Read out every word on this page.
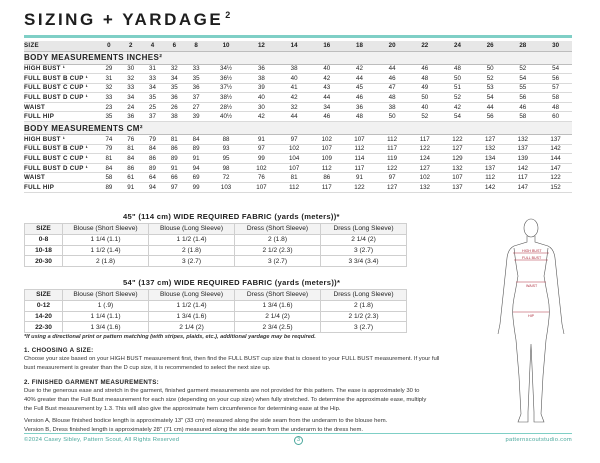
SIZING + YARDAGE $^2$
SIZE	0	2	4	6	8	10	12	14	16	18	20	22	24	26	28	30
BODY MEASUREMENTS INCHES²																
HIGH BUST ¹	29	30	31	32	33	34½	36	38	40	42	44	46	48	50	52	54
FULL BUST B CUP ¹	31	32	33	34	35	36½	38	40	42	44	46	48	50	52	54	56
FULL BUST C CUP ¹	32	33	34	35	36	37½	39	41	43	45	47	49	51	53	55	57
FULL BUST D CUP ¹	33	34	35	36	37	38½	40	42	44	46	48	50	52	54	56	58
WAIST	23	24	25	26	27	28½	30	32	34	36	38	40	42	44	46	48
FULL HIP	35	36	37	38	39	40½	42	44	46	48	50	52	54	56	58	60
BODY MEASUREMENTS CM²																
HIGH BUST ¹	74	76	79	81	84	88	91	97	102	107	112	117	122	127	132	137
FULL BUST B CUP ¹	79	81	84	86	89	93	97	102	107	112	117	122	127	132	137	142
FULL BUST C CUP ¹	81	84	86	89	91	95	99	104	109	114	119	124	129	134	139	144
FULL BUST D CUP ¹	84	86	89	91	94	98	102	107	112	117	122	127	132	137	142	147
WAIST	58	61	64	66	69	72	76	81	86	91	97	102	107	112	117	122
FULL HIP	89	91	94	97	99	103	107	112	117	122	127	132	137	142	147	152
45" (114 cm) WIDE REQUIRED FABRIC (yards (meters))*
SIZE	Blouse (Short Sleeve)	Blouse (Long Sleeve)	Dress (Short Sleeve)	Dress (Long Sleeve)
0-8	1 1/4 (1.1)	1 1/2 (1.4)	2 (1.8)	2 1/4 (2)
10-18	1 1/2 (1.4)	2 (1.8)	2 1/2 (2.3)	3 (2.7)
20-30	2 (1.8)	3 (2.7)	3 (2.7)	3 3/4 (3.4)
54" (137 cm) WIDE REQUIRED FABRIC (yards (meters))*
SIZE	Blouse (Short Sleeve)	Blouse (Long Sleeve)	Dress (Short Sleeve)	Dress (Long Sleeve)
0-12	1 (.9)	1 1/2 (1.4)	1 3/4 (1.6)	2 (1.8)
14-20	1 1/4 (1.1)	1 3/4 (1.6)	2 1/4 (2)	2 1/2 (2.3)
22-30	1 3/4 (1.6)	2 1/4 (2)	2 3/4 (2.5)	3 (2.7)
*If using a directional print or pattern matching (with stripes, plaids, etc.), additional yardage may be required.
1. CHOOSING A SIZE:
Choose your size based on your HIGH BUST measurement first, then find the FULL BUST cup size that is closest to your FULL BUST measurement. If your full
bust measurement is greater than the D cup size, it is recommended to select the next size up.
2. FINISHED GARMENT MEASUREMENTS:
Due to the generous ease and stretch in the garment, finished garment measurements are not provided for this pattern. The ease is approximately 30 to
40% greater than the Full Bust measurement for each size (depending on your cup size) when fully stretched. To determine the approximate ease, multiply
the Full Bust measurement by 1.3. This will also give the approximate hem circumference for determining ease at the Hip.
Version A, Blouse finished bodice length is approximately 13" (33 cm) measured along the side seam from the underarm to the blouse hem.
Version B, Dress finished length is approximately 28" (71 cm) measured along the side seam from the underarm to the dress hem.
HIGH BUST
FULL BUST
WAIST
HIP
©2024 Casey Sibley, Pattern Scout, All Rights Reserved	3	patternscoutstudio.com
